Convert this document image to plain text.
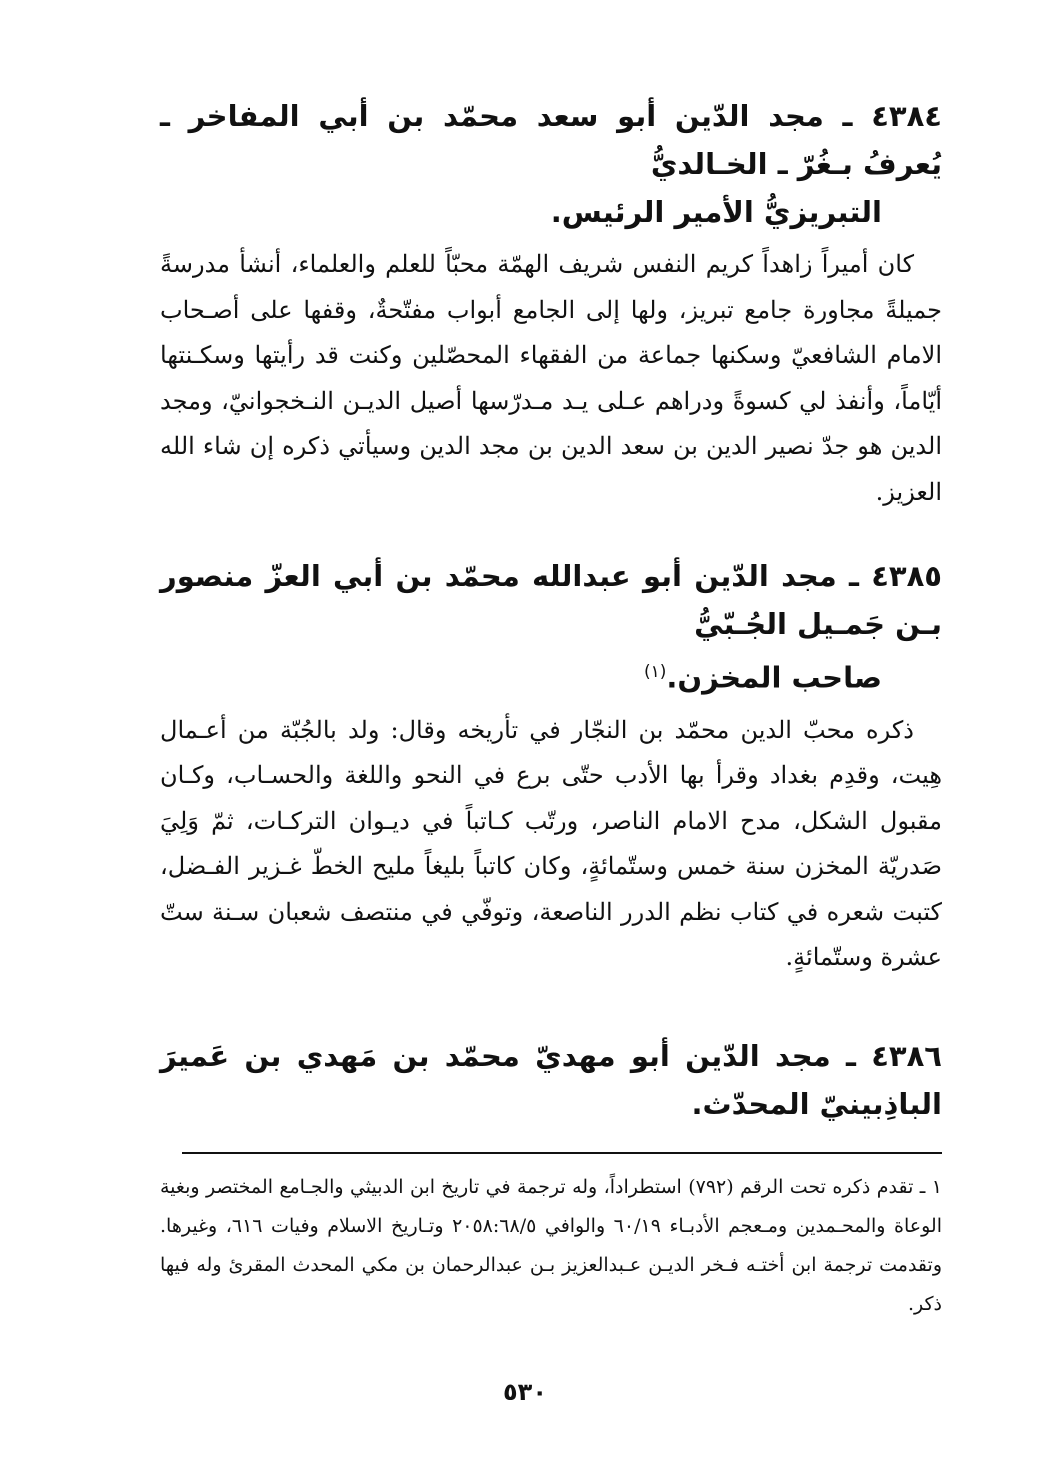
٤٣٨٤ ـ مجد الدّين أبو سعد محمّد بن أبي المفاخر ـ يُعرفُ بـغُرّ ـ الخـالديُّ
التبريزيُّ الأمير الرئيس.

كان أميراً زاهداً كريم النفس شريف الهمّة محبّاً للعلم والعلماء، أنشأ مدرسةً جميلةً مجاورة جامع تبريز، ولها إلى الجامع أبواب مفتّحةٌ، وقفها على أصـحاب الامام الشافعيّ وسكنها جماعة من الفقهاء المحصّلين وكنت قد رأيتها وسكـنتها أيّاماً، وأنفذ لي كسوةً ودراهم عـلى يـد مـدرّسها أصيل الديـن النـخجوانيّ، ومجد الدين هو جدّ نصير الدين بن سعد الدين بن مجد الدين وسيأتي ذكره إن شاء الله العزيز.

٤٣٨٥ ـ مجد الدّين أبو عبدالله محمّد بن أبي العزّ منصور بـن جَمـيل الجُـبّيُّ
صاحب المخزن.$^{(١)}$

ذكره محبّ الدين محمّد بن النجّار في تأريخه وقال: ولد بالجُبّة من أعـمال هِيت، وقدِم بغداد وقرأ بها الأدب حتّى برع في النحو واللغة والحسـاب، وكـان مقبول الشكل، مدح الامام الناصر، ورتّب كـاتباً في ديـوان التركـات، ثمّ وَلِيَ صَدريّة المخزن سنة خمس وستّمائةٍ، وكان كاتباً بليغاً مليح الخطّ غـزير الفـضل، كتبت شعره في كتاب نظم الدرر الناصعة، وتوفّي في منتصف شعبان سـنة ستّ عشرة وستّمائةٍ.

٤٣٨٦ ـ مجد الدّين أبو مهديّ محمّد بن مَهدي بن عَميرَ الباذِبينيّ المحدّث.

١ ـ تقدم ذكره تحت الرقم (٧٩٢) استطراداً، وله ترجمة في تاريخ ابن الدبيثي والجـامع المختصر وبغية الوعاة والمحـمدين ومـعجم الأدبـاء ٦٠/١٩ والوافي ٢٠٥٨:٦٨/٥ وتـاريخ الاسلام وفيات ٦١٦، وغيرها. وتقدمت ترجمة ابن أختـه فـخر الديـن عـبدالعزيز بـن عبدالرحمان بن مكي المحدث المقرئ وله فيها ذكر.

٥٣٠
